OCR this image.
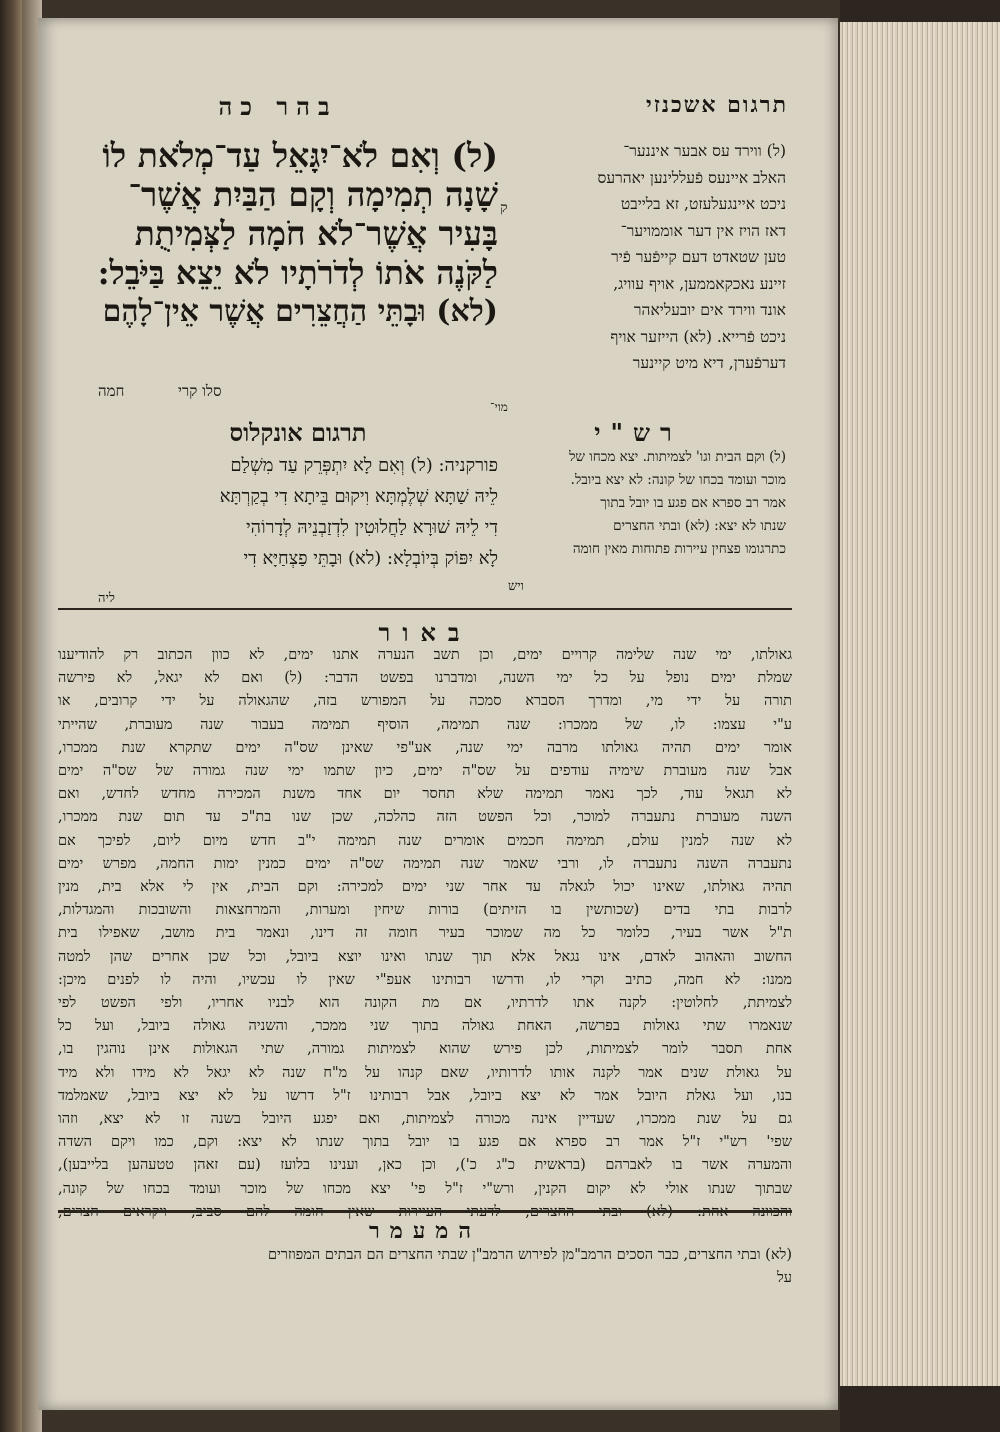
תרגום אשכנזי
בהר כה

(ל) וְאִם לֹא־יִגָּאֵל עַד־מְלֹאת לוֹ

שָׁנָה תְמִימָה וְקָם הַבַּיִת אֲשֶׁר־

בָּעִיר אֲשֶׁר־לֹא חֹמָה לַצְּמִיתֻת

לַקֹּנֶה אֹתוֹ לְדֹרֹתָיו לֹא יֵצֵא בַּיֹּבֵל:

(לא) וּבָתֵּי הַחֲצֵרִים אֲשֶׁר אֵין־לָהֶם

סלו קרי
חמה
ק

(ל) ווירד עס אבער איננער־

האלב איינעס פֿעללינען יאהרעס

ניכט איינגעלעזט, זא בלייבט

דאז הויז אין דער אוממויער־

טען שטאדט דעם קייפֿער פֿיר

זיינע נאכקאממען, אויף עוויג,

אונד ווירד אים יובעליאהר

ניכט פֿרייא. (לא) הייזער אויף

דערפֿערן, דיא מיט קיינער

מוי־
רש"י

(ל) וקם הבית וגו' לצמיתות. יצא מכחו של

מוכר ועומד בכחו של קונה: לא יצא ביובל.

אמר רב ספרא אם פגע בו יובל בתוך

שנתו לא יצא: (לא) ובתי החצרים

כתרגומו פצחין עיירות פתוחות מאין חומה

ויש
תרגום אונקלוס

פורקניה: (ל) וְאִם לָא יִתְפְּרֵק עַד מִשְׁלַם

לֵיהּ שַׁתָּא שְׁלֶמְתָּא וִיקוּם בֵּיתָא דִי בְקַרְתָּא

דִי לֵיהּ שׁוּרָא לַחֲלוּטִין לִדְזַבְנֵיהּ לְדָרוֹהִי

לָא יִפּוֹק בְּיוֹבְלָא: (לא) וּבָתֵּי פַצְחַיָּא דִי

ליה
באור

גאולתו, ימי שנה שלימה קרויים ימים, וכן תשב הנערה אתנו ימים, לא כוון הכתוב רק להודיענו

שמלת ימים נופל על כל ימי השנה, ומדברנו בפשט הדבר: (ל) ואם לא יגאל, לא פירשה

תורה על ידי מי, ומדרך הסברא סמכה על המפורש בזה, שהגאולה על ידי קרובים, או

ע"י עצמו: לו, של ממכרו: שנה תמימה, הוסיף תמימה בעבור שנה מעוברת, שהייתי

אומר ימים תהיה גאולתו מרבה ימי שנה, אע"פי שאינן שס"ה ימים שתקרא שנת ממכרו,

אבל שנה מעוברת שימיה עודפים על שס"ה ימים, כיון שתמו ימי שנה גמורה של שס"ה ימים

לא תגאל עוד, לכך נאמר תמימה שלא תחסר יום אחד משנת המכירה מחדש לחדש, ואם

השנה מעוברת נתעברה למוכר, וכל הפשט הזה כהלכה, שכן שנו בת"כ עד תום שנת ממכרו,

לא שנה למנין עולם, תמימה חכמים אומרים שנה תמימה י"ב חדש מיום ליום, לפיכך אם

נתעברה השנה נתעברה לו, ורבי שאמר שנה תמימה שס"ה ימים כמנין ימות החמה, מפרש ימים

תהיה גאולתו, שאינו יכול לגאלה עד אחר שני ימים למכירה: וקם הבית, אין לי אלא בית, מנין

לרבות בתי בדים (שכותשין בו הזיתים) בורות שיחין ומערות, והמרחצאות והשובכות והמגדלות,

ת"ל אשר בעיר, כלומר כל מה שמוכר בעיר חומה זה דינו, ונאמר בית מושב, שאפילו בית

החשוב והאהוב לאדם, אינו נגאל אלא תוך שנתו ואינו יוצא ביובל, וכל שכן אחרים שהן למטה

ממנו: לא חמה, כתיב וקרי לו, ודרשו רבותינו אעפ"י שאין לו עכשיו, והיה לו לפנים מיכן:

לצמיתת, לחלוטין: לקנה אתו לדרתיו, אם מת הקונה הוא לבניו אחריו, ולפי הפשט לפי

שנאמרו שתי גאולות בפרשה, האחת גאולה בתוך שני ממכר, והשניה גאולה ביובל, ועל כל

אחת תסבר לומר לצמיתות, לכן פירש שהוא לצמיתות גמורה, שתי הגאולות אינן נוהגין בו,

על גאולת שנים אמר לקנה אותו לדרותיו, שאם קנהו על מ"ח שנה לא יגאל לא מידו ולא מיד

בנו, ועל גאלת היובל אמר לא יצא ביובל, אבל רבותינו ז"ל דרשו על לא יצא ביובל, שאמלמד

גם על שנת ממכרו, שעדיין אינה מכורה לצמיתות, ואם יפגע היובל בשנה זו לא יצא, וזהו

שפי' רש"י ז"ל אמר רב ספרא אם פגע בו יובל בתוך שנתו לא יצא: וקם, כמו ויקם השדה

והמערה אשר בו לאברהם (בראשית כ"ג כ'), וכן כאן, וענינו בלועז (עם זאהן טטעהען בלייבען),

שבתוך שנתו אולי לא יקום הקנין, ורש"י ז"ל פי' יצא מכחו של מוכר ועומד בכחו של קונה,

המעמר

(לא) ובתי החצרים, כבר הסכים הרמב"מן לפירוש הרמב"ן שבתי החצרים הם הבתים המפוזרים

על
